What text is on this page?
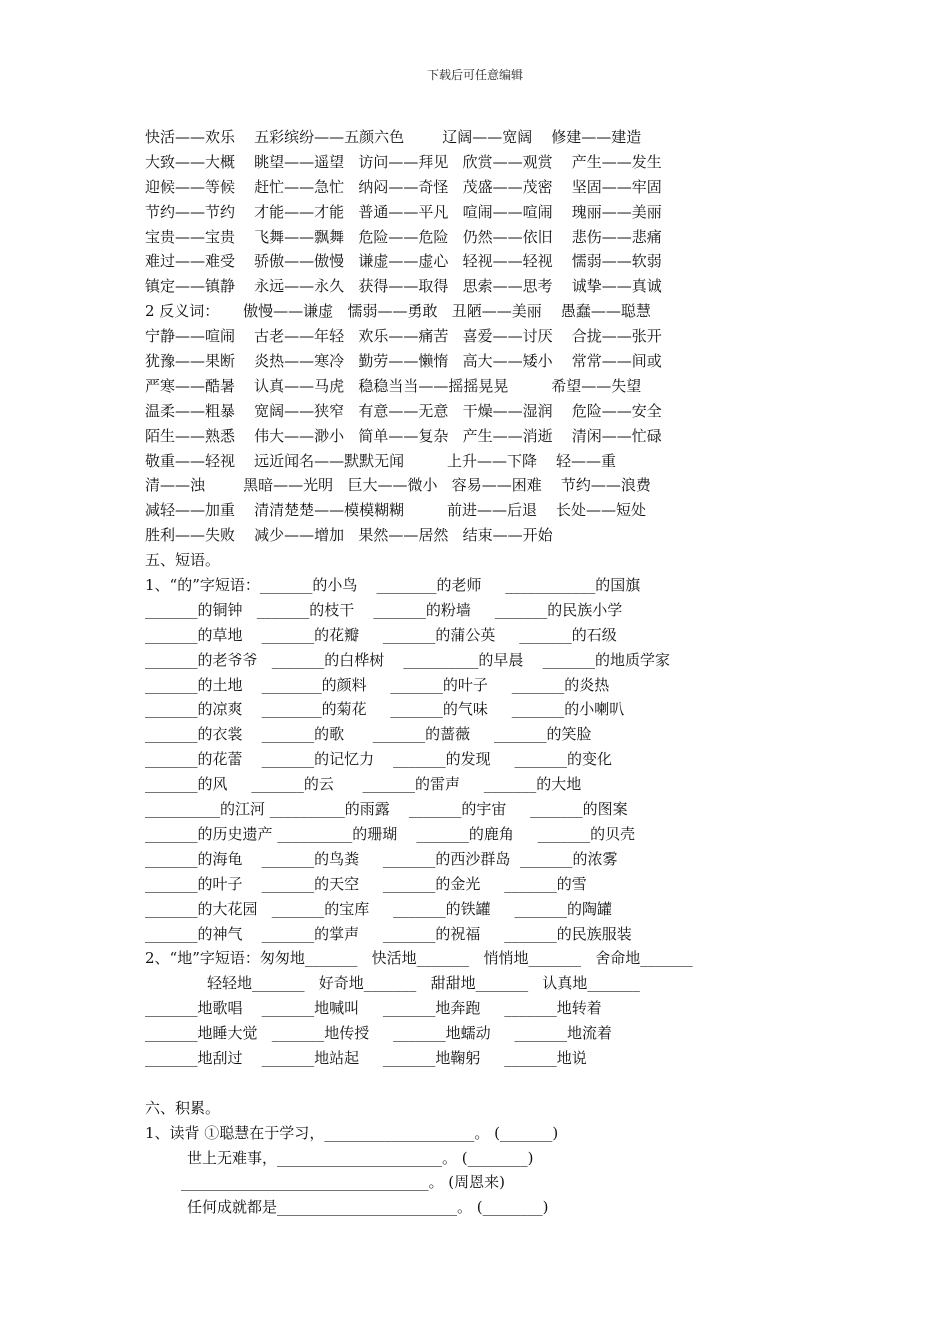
下载后可任意编辑
快活——欢乐    五彩缤纷——五颜六色        辽阔——宽阔    修建——建造
大致——大概    眺望——遥望   访问——拜见   欣赏——观赏    产生——发生
迎候——等候    赶忙——急忙   纳闷——奇怪   茂盛——茂密    坚固——牢固
节约——节约    才能——才能   普通——平凡   喧闹——喧闹    瑰丽——美丽
宝贵——宝贵    飞舞——飘舞   危险——危险   仍然——依旧    悲伤——悲痛
难过——难受    骄傲——傲慢   谦虚——虚心   轻视——轻视    懦弱——软弱
镇定——镇静    永远——永久   获得——取得   思索——思考    诚挚——真诚
2 反义词：     傲慢——谦虚   懦弱——勇敢   丑陋——美丽    愚蠢——聪慧
宁静——喧闹    古老——年轻   欢乐——痛苦   喜爱——讨厌    合拢——张开
犹豫——果断    炎热——寒冷   勤劳——懒惰   高大——矮小    常常——间或
严寒——酷暑    认真——马虎   稳稳当当——摇摇晃晃         希望——失望
温柔——粗暴    宽阔——狭窄   有意——无意   干燥——湿润    危险——安全
陌生——熟悉    伟大——渺小   简单——复杂   产生——消逝    清闲——忙碌
敬重——轻视    远近闻名——默默无闻         上升——下降    轻——重
清——浊        黑暗——光明   巨大——微小   容易——困难    节约——浪费
减轻——加重    清清楚楚——模模糊糊         前进——后退    长处——短处
胜利——失败    减少——增加   果然——居然   结束——开始
五、短语。
1、“的”字短语：_______的小鸟    ________的老师     ____________的国旗
_______的铜钟   _______的枝干    _______的粉墙     _______的民族小学
_______的草地    _______的花瓣     _______的蒲公英     _______的石级
_______的老爷爷   _______的白桦树    __________的早晨    _______的地质学家
_______的土地    ________的颜料     _______的叶子     _______的炎热
_______的凉爽    ________的菊花     _______的气味     _______的小喇叭
_______的衣裳    _______的歌      _______的蔷薇     _______的笑脸
_______的花蕾    _______的记忆力    _______的发现     _______的变化
_______的风     _______的云      _______的雷声     _______的大地
__________的江河 __________的雨露    _______的宇宙     _______的图案
_______的历史遗产 __________的珊瑚    _______的鹿角     _______的贝壳
_______的海龟    _______的鸟粪     _______的西沙群岛  _______的浓雾
_______的叶子    _______的天空     _______的金光     _______的雪
_______的大花园   _______的宝库     _______的铁罐     _______的陶罐
_______的神气    _______的掌声     _______的祝福     _______的民族服装
2、“地”字短语：匆匆地_______   快活地_______   悄悄地_______   舍命地_______
轻轻地_______   好奇地_______   甜甜地_______   认真地_______
_______地歌唱    _______地喊叫     _______地奔跑     _______地转着
_______地睡大觉   _______地传授     _______地蠕动     _______地流着
_______地刮过    _______地站起     _______地鞠躬     _______地说
六、积累。
1、读背 ①聪慧在于学习，____________________。 (_______)
世上无难事，______________________。 (________)
_________________________________。 (周恩来)
任何成就都是________________________。 (________)
